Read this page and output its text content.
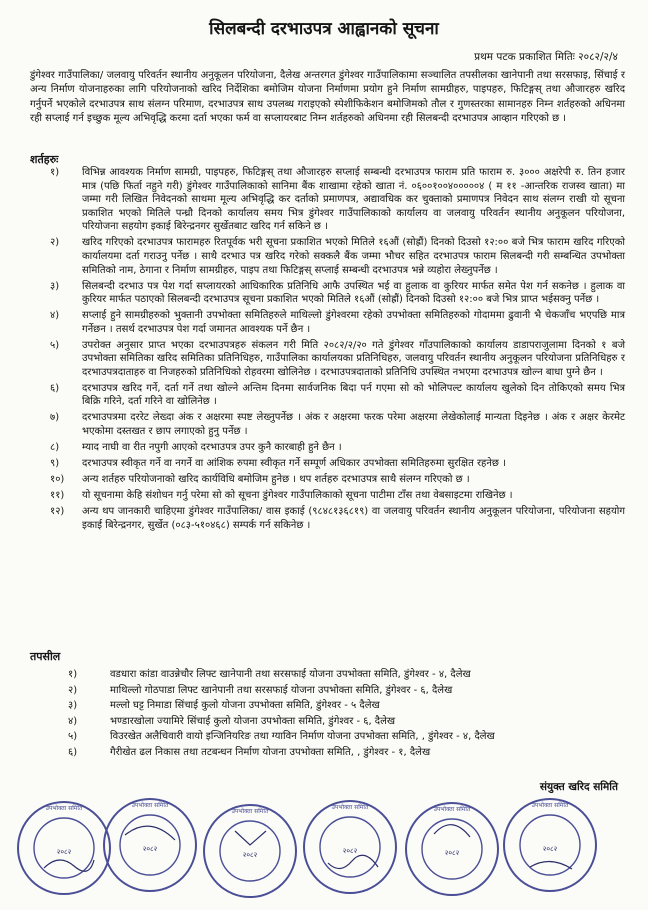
सिलबन्दी दरभाउपत्र आह्वानको सूचना
प्रथम पटक प्रकाशित मितिः २०८२/२/४
डुंगेश्वर गाउँपालिका/ जलवायु परिवर्तन स्थानीय अनुकूलन परियोजना, दैलेख अन्तरगत डुंगेश्वर गाउँपालिकामा सञ्चालित तपसीलका खानेपानी तथा सरसफाइ, सिंचाई र अन्य निर्माण योजनाहरुका लागि परियोजनाको खरिद निर्देशिका बमोजिम योजना निर्माणमा प्रयोग हुने निर्माण सामग्रीहरु, पाइपहरु, फिटिङ्गस् तथा औजारहरु खरिद गर्नुपर्ने भएकोले दरभाउपत्र साथ संलग्न परिमाण, दरभाउपत्र साथ उपलब्ध गराइएको स्पेशीफिकेशन बमोजिमको तौल र गुणस्तरका सामानहरु निम्न शर्तहरुको अधिनमा रही सप्लाई गर्न इच्छुक मूल्य अभिवृद्धि करमा दर्ता भएका फर्म वा सप्लायरबाट निम्न शर्तहरुको अधिनमा रही सिलबन्दी दरभाउपत्र आव्हान गरिएको छ ।
शर्तहरुः
१)	विभिन्न आवश्यक निर्माण सामग्री, पाइपहरु, फिटिङ्गस् तथा औजारहरु सप्लाई सम्बन्धी दरभाउपत्र फाराम प्रति फाराम रु. ३००० अक्षरेपी रु. तिन हजार मात्र (पछि फिर्ता नहुने गरी) डुंगेश्वर गाउँपालिकाको सानिमा बैंक शाखामा रहेको खाता नं. ०६००१००४०००००४ ( म ११ -आन्तरिक राजस्व खाता) मा जम्मा गरी लिखित निवेदनको साथमा मूल्य अभिवृद्धि कर दर्ताको प्रमाणपत्र, अद्यावधिक कर चुक्ताको प्रमाणपत्र निवेदन साथ संलग्न राखी यो सूचना प्रकाशित भएको मितिले पन्ध्रौ दिनको कार्यालय समय भित्र डुंगेश्वर गाउँपालिकाको कार्यालय वा जलवायु परिवर्तन स्थानीय अनुकूलन परियोजना, परियोजना सहयोग इकाई बिरेन्द्रनगर सुर्खेतबाट खरिद गर्न सकिने छ ।
२)	खरिद गरिएको दरभाउपत्र फारामहरु रितपूर्वक भरी सूचना प्रकाशित भएको मितिले १६औं (सोह्रौं) दिनको दिउसो १२:०० बजे भित्र फाराम खरिद गरिएको कार्यालयमा दर्ता गराउनु पर्नेछ । साथै दरभाउ पत्र खरिद गरेको सक्कलै बैंक जम्मा भौचर सहित दरभाउपत्र फाराम सिलबन्दी गरी सम्बन्धित उपभोक्ता समितिको नाम, ठेगाना र निर्माण सामग्रीहरु, पाइप तथा फिटिङ्गस् सप्लाई सम्बन्धी दरभाउपत्र भन्ने व्यहोरा लेख्नुपर्नेछ ।
३)	सिलबन्दी दरभाउ पत्र पेश गर्दा सप्लायरको आधिकारिक प्रतिनिधि आफै उपस्थित भई वा हुलाक वा कुरियर मार्फत समेत पेश गर्न सकनेछ । हुलाक वा कुरियर मार्फत पठाएको सिलबन्दी दरभाउपत्र सूचना प्रकाशित भएको मितिले १६औं (सोह्रौं) दिनको दिउसो १२:०० बजे भित्र प्राप्त भईसक्नु पर्नेछ ।
४)	सप्लाई हुने सामग्रीहरुको भुक्तानी उपभोक्ता समितिहरुले माथिल्लो डुंगेश्वरमा रहेको उपभोक्ता समितिहरुको गोदाममा ढुवानी भै चेकजाँच भएपछि मात्र गर्नेछन । तसर्थ दरभाउपत्र पेश गर्दा जमानत आवश्यक पर्ने छैन ।
५)	उपरोक्त अनुसार प्राप्त भएका दरभाउपत्रहरु संकलन गरी मिति २०८२/२/२० गते डुंगेश्वर गाँउपालिकाको कार्यालय डाडापराजुलामा दिनको १ बजे उपभोक्ता समितिका खरिद समितिका प्रतिनिधिहरु, गाउँपालिका कार्यालयका प्रतिनिधिहरु, जलवायु परिवर्तन स्थानीय अनुकूलन परियोजना प्रतिनिधिहरु र दरभाउपत्रदाताहरु वा निजहरुको प्रतिनिधिको रोहवरमा खोलिनेछ । दरभाउपत्रदाताको प्रतिनिधि उपस्थित नभएमा दरभाउपत्र खोल्न बाधा पुग्ने छैन ।
६)	दरभाउपत्र खरिद गर्ने, दर्ता गर्ने तथा खोल्ने अन्तिम दिनमा सार्वजनिक बिदा पर्न गएमा सो को भोलिपल्ट कार्यालय खुलेको दिन तोकिएको समय भित्र बिक्रि गरिने, दर्ता गरिने वा खोलिनेछ ।
७)	दरभाउपत्रमा दररेट लेख्दा अंक र अक्षरमा स्पष्ट लेख्नुपर्नेछ । अंक र अक्षरमा फरक परेमा अक्षरमा लेखेकोलाई मान्यता दिइनेछ । अंक र अक्षर केरमेट भएकोमा दस्तखत र छाप लगाएको हुनु पर्नेछ ।
८)	म्याद नाघी वा रीत नपुगी आएको दरभाउपत्र उपर कुनै कारबाही हुने छैन ।
९)	दरभाउपत्र स्वीकृत गर्ने वा नगर्ने वा आंशिक रुपमा स्वीकृत गर्ने सम्पूर्ण अधिकार उपभोक्ता समितिहरुमा सुरक्षित रहनेछ ।
१०)	अन्य शर्तहरु परियोजनाको खरिद कार्यविधि बमोजिम हुनेछ । थप शर्तहरु दरभाउपत्र साथै संलग्न गरिएको छ ।
११)	यो सूचनामा केहि संशोधन गर्नु परेमा सो को सूचना डुंगेश्वर गाउँपालिकाको सूचना पाटीमा टाँस तथा वेबसाइटमा राखिनेछ ।
१२)	अन्य थप जानकारी चाहिएमा डुंगेश्वर गाउँपालिका/ वास इकाई (९८४८१३६८१९) वा जलवायु परिवर्तन स्थानीय अनुकूलन परियोजना, परियोजना सहयोग इकाई बिरेन्द्रनगर, सुर्खेत (०८३-५१०४६८) सम्पर्क गर्न सकिनेछ ।
तपसील
१)	वडधारा कांडा वाउन्नेचौर लिफ्ट खानेपानी तथा सरसफाई योजना उपभोक्ता समिति, डुंगेश्वर - ४, दैलेख
२)	माथिल्लो गोठपाडा लिफ्ट खानेपानी तथा सरसफाई योजना उपभोक्ता समिति, डुंगेश्वर - ६, दैलेख
३)	मल्लो घट्ट निमाडा सिंचाई कुलो योजना उपभोक्ता समिति, डुंगेश्वर - ५ दैलेख
४)	भण्डारखोला ज्यामिरे सिंचाई कुलो योजना उपभोक्ता समिति, डुंगेश्वर - ६, दैलेख
५)	विउरखेत अलैचिवारी वायो इन्जिनियरिङ तथा ग्याविन निर्माण योजना उपभोक्ता समिति, , डुंगेश्वर - ४, दैलेख
६)	गैरीखेत ढल निकास तथा तटबन्धन निर्माण योजना उपभोक्ता समिति, , डुंगेश्वर - १, दैलेख
संयुक्त खरिद समिति
उपभोक्ता समिति
२०८२
उपभोक्ता समिति
२०८२
उपभोक्ता समिति
२०८२
उपभोक्ता समिति
२०८२
उपभोक्ता समिति
२०८२
उपभोक्ता समिति
२०८२
